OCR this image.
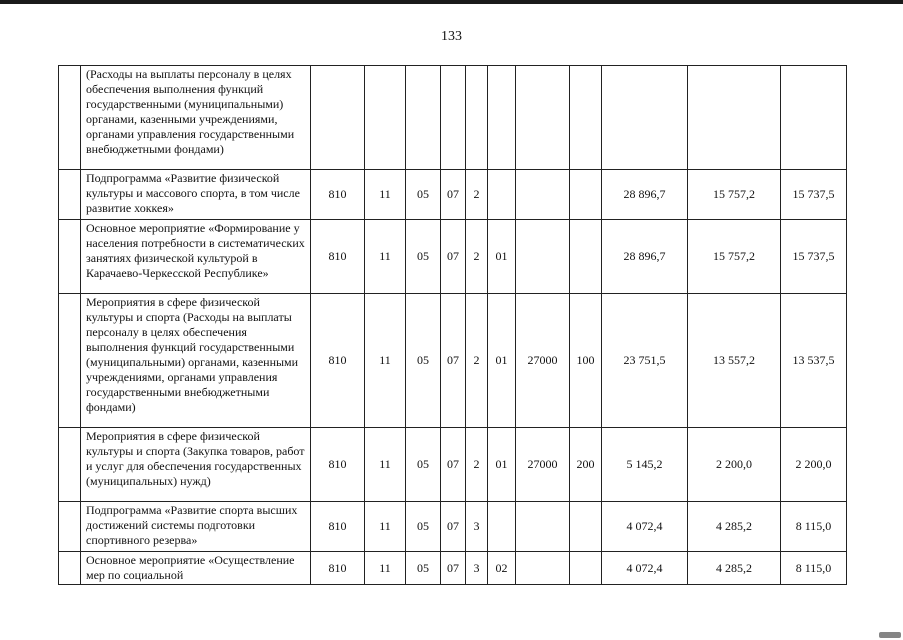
133
	(Расходы на выплаты персоналу в целях обеспечения выполнения функций государственными (муниципальными) органами, казенными учреждениями, органами управления государственными внебюджетными фондами)											
	Подпрограмма «Развитие физической культуры и массового спорта, в том числе развитие хоккея»	810	11	05	07	2				28 896,7	15 757,2	15 737,5
	Основное мероприятие «Формирование у населения потребности в систематических занятиях физической культурой в Карачаево-Черкесской Республике»	810	11	05	07	2	01			28 896,7	15 757,2	15 737,5
	Мероприятия в сфере физической культуры и спорта (Расходы на выплаты персоналу в целях обеспечения выполнения функций государственными (муниципальными) органами, казенными учреждениями, органами управления государственными внебюджетными фондами)	810	11	05	07	2	01	27000	100	23 751,5	13 557,2	13 537,5
	Мероприятия в сфере физической культуры и спорта (Закупка товаров, работ и услуг для обеспечения государственных (муниципальных) нужд)	810	11	05	07	2	01	27000	200	5 145,2	2 200,0	2 200,0
	Подпрограмма «Развитие спорта высших достижений системы подготовки спортивного резерва»	810	11	05	07	3				4 072,4	4 285,2	8 115,0
	Основное мероприятие «Осуществление мер по социальной	810	11	05	07	3	02			4 072,4	4 285,2	8 115,0
